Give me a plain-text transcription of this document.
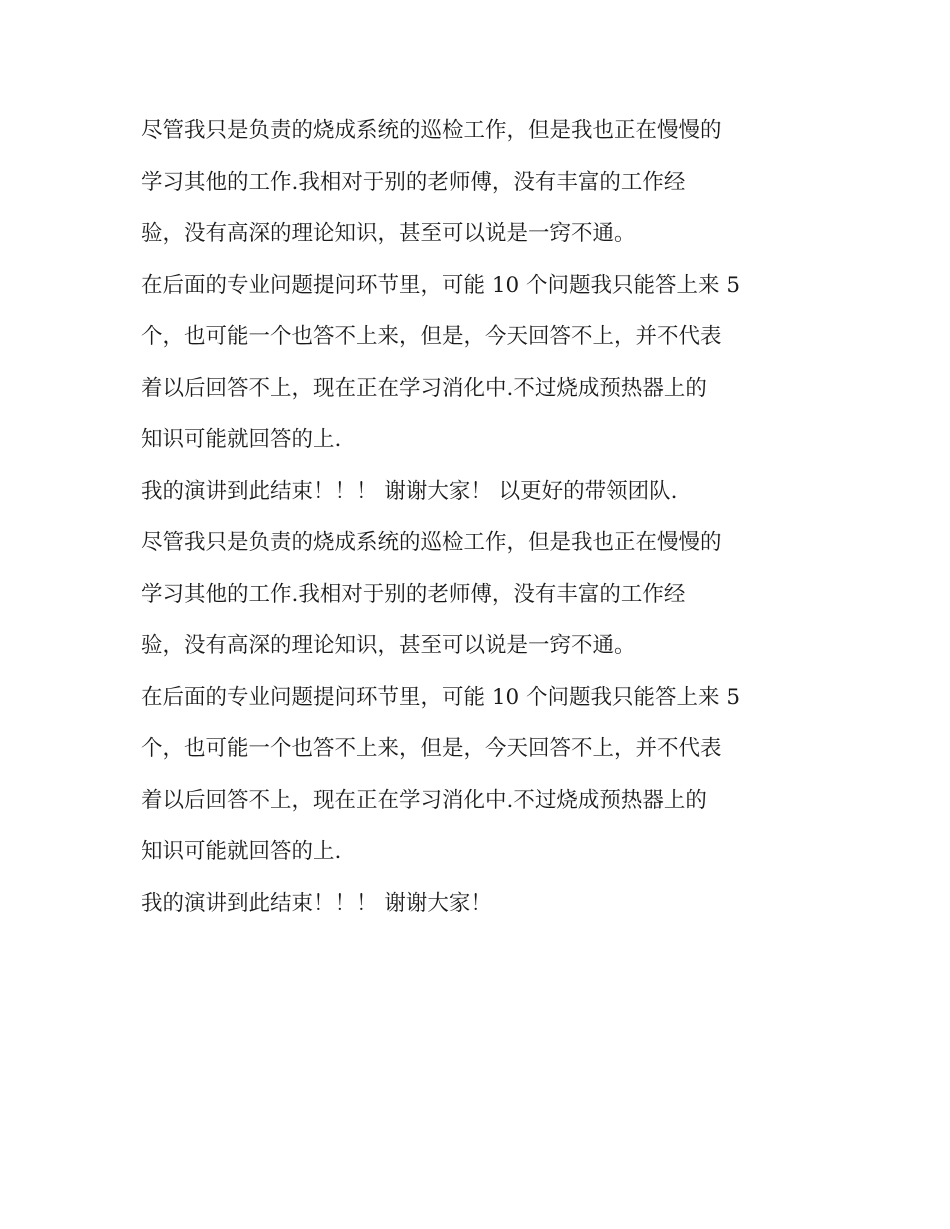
尽管我只是负责的烧成系统的巡检工作，但是我也正在慢慢的
学习其他的工作.我相对于别的老师傅，没有丰富的工作经
验，没有高深的理论知识，甚至可以说是一窍不通。
在后面的专业问题提问环节里，可能 10 个问题我只能答上来 5
个，也可能一个也答不上来，但是，今天回答不上，并不代表
着以后回答不上，现在正在学习消化中.不过烧成预热器上的
知识可能就回答的上.
我的演讲到此结束！！！ 谢谢大家！ 以更好的带领团队.
尽管我只是负责的烧成系统的巡检工作，但是我也正在慢慢的
学习其他的工作.我相对于别的老师傅，没有丰富的工作经
验，没有高深的理论知识，甚至可以说是一窍不通。
在后面的专业问题提问环节里，可能 10 个问题我只能答上来 5
个，也可能一个也答不上来，但是，今天回答不上，并不代表
着以后回答不上，现在正在学习消化中.不过烧成预热器上的
知识可能就回答的上.
我的演讲到此结束！！！ 谢谢大家！
